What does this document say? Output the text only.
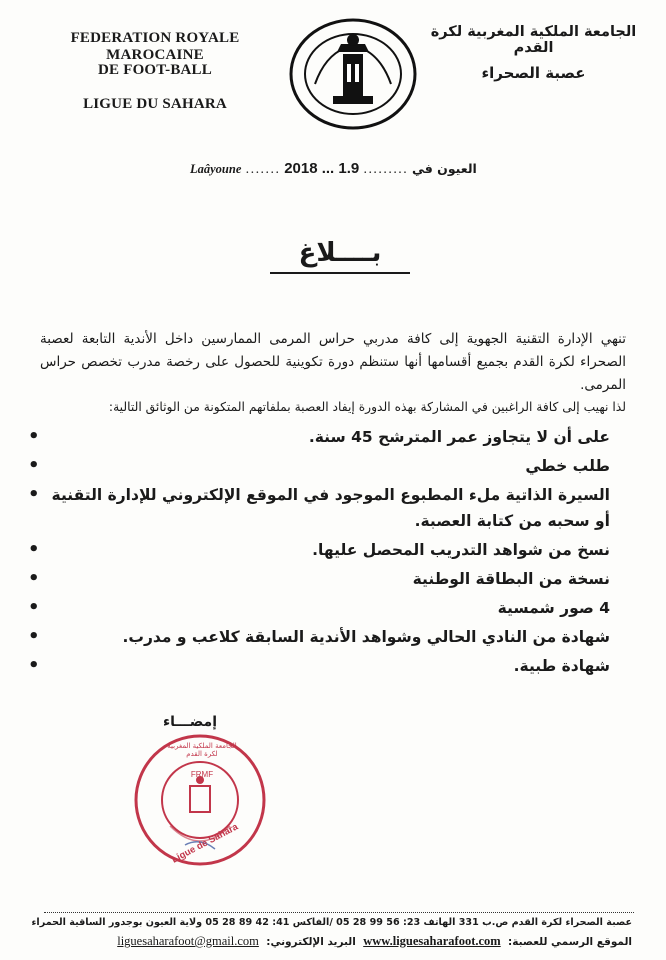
FEDERATION ROYALE MAROCAINE
DE FOOT-BALL
LIGUE DU SAHARA
الجامعة الملكية المغربية لكرة القدم
عصبة الصحراء
Laâyoune ....... 2018 ... 1.9 ......... العيون في
بــــلاغ
تنهي الإدارة التقنية الجهوية إلى كافة مدربي حراس المرمى الممارسين داخل الأندية التابعة لعصبة الصحراء لكرة القدم بجميع أقسامها أنها ستنظم دورة تكوينية للحصول على رخصة مدرب تخصص حراس المرمى.
لذا نهيب إلى كافة الراغبين في المشاركة بهذه الدورة إيفاد العصبة بملفاتهم المتكونة من الوثائق التالية:
•	على أن لا يتجاوز عمر المترشح 45 سنة.
•	طلب خطي
• السيرة الذاتية ملء المطبوع الموجود في الموقع الإلكتروني للإدارة التقنية أو سحبه من كتابة العصبة.
•	نسخ من شواهد التدريب المحصل عليها.
•	نسخة من البطاقة الوطنية
•	4 صور شمسية
•	شهادة من النادي الحالي وشواهد الأندية السابقة كلاعب و مدرب.
•	شهادة طبية.
إمضـــاء
الجامعة الملكية المغربية لكرة القدم
FRMF
Ligue de Sahara
عصبة الصحراء لكرة القدم ص.ب 331 الهاتف 23: 56 99 28 05 /الفاكس 41: 42 89 28 05 ولاية العيون بوجدور الساقية الحمراء
الموقع الرسمي للعصبة: www.liguesaharafoot.com البريد الإلكتروني: liguesaharafoot@gmail.com
